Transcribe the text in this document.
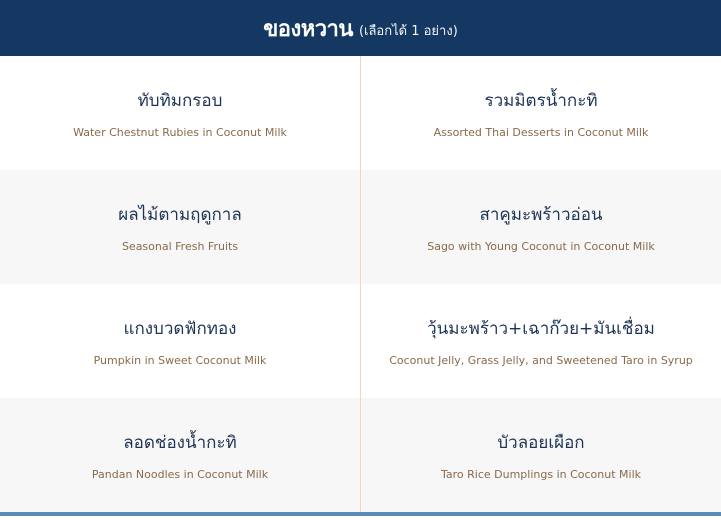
ของหวาน (เลือกได้ 1 อย่าง)
ทับทิมกรอบ
Water Chestnut Rubies in Coconut Milk
รวมมิตรน้ำกะทิ
Assorted Thai Desserts in Coconut Milk
ผลไม้ตามฤดูกาล
Seasonal Fresh Fruits
สาคูมะพร้าวอ่อน
Sago with Young Coconut in Coconut Milk
แกงบวดฟักทอง
Pumpkin in Sweet Coconut Milk
วุ้นมะพร้าว+เฉาก๊วย+มันเชื่อม
Coconut Jelly, Grass Jelly, and Sweetened Taro in Syrup
ลอดช่องน้ำกะทิ
Pandan Noodles in Coconut Milk
บัวลอยเผือก
Taro Rice Dumplings in Coconut Milk
